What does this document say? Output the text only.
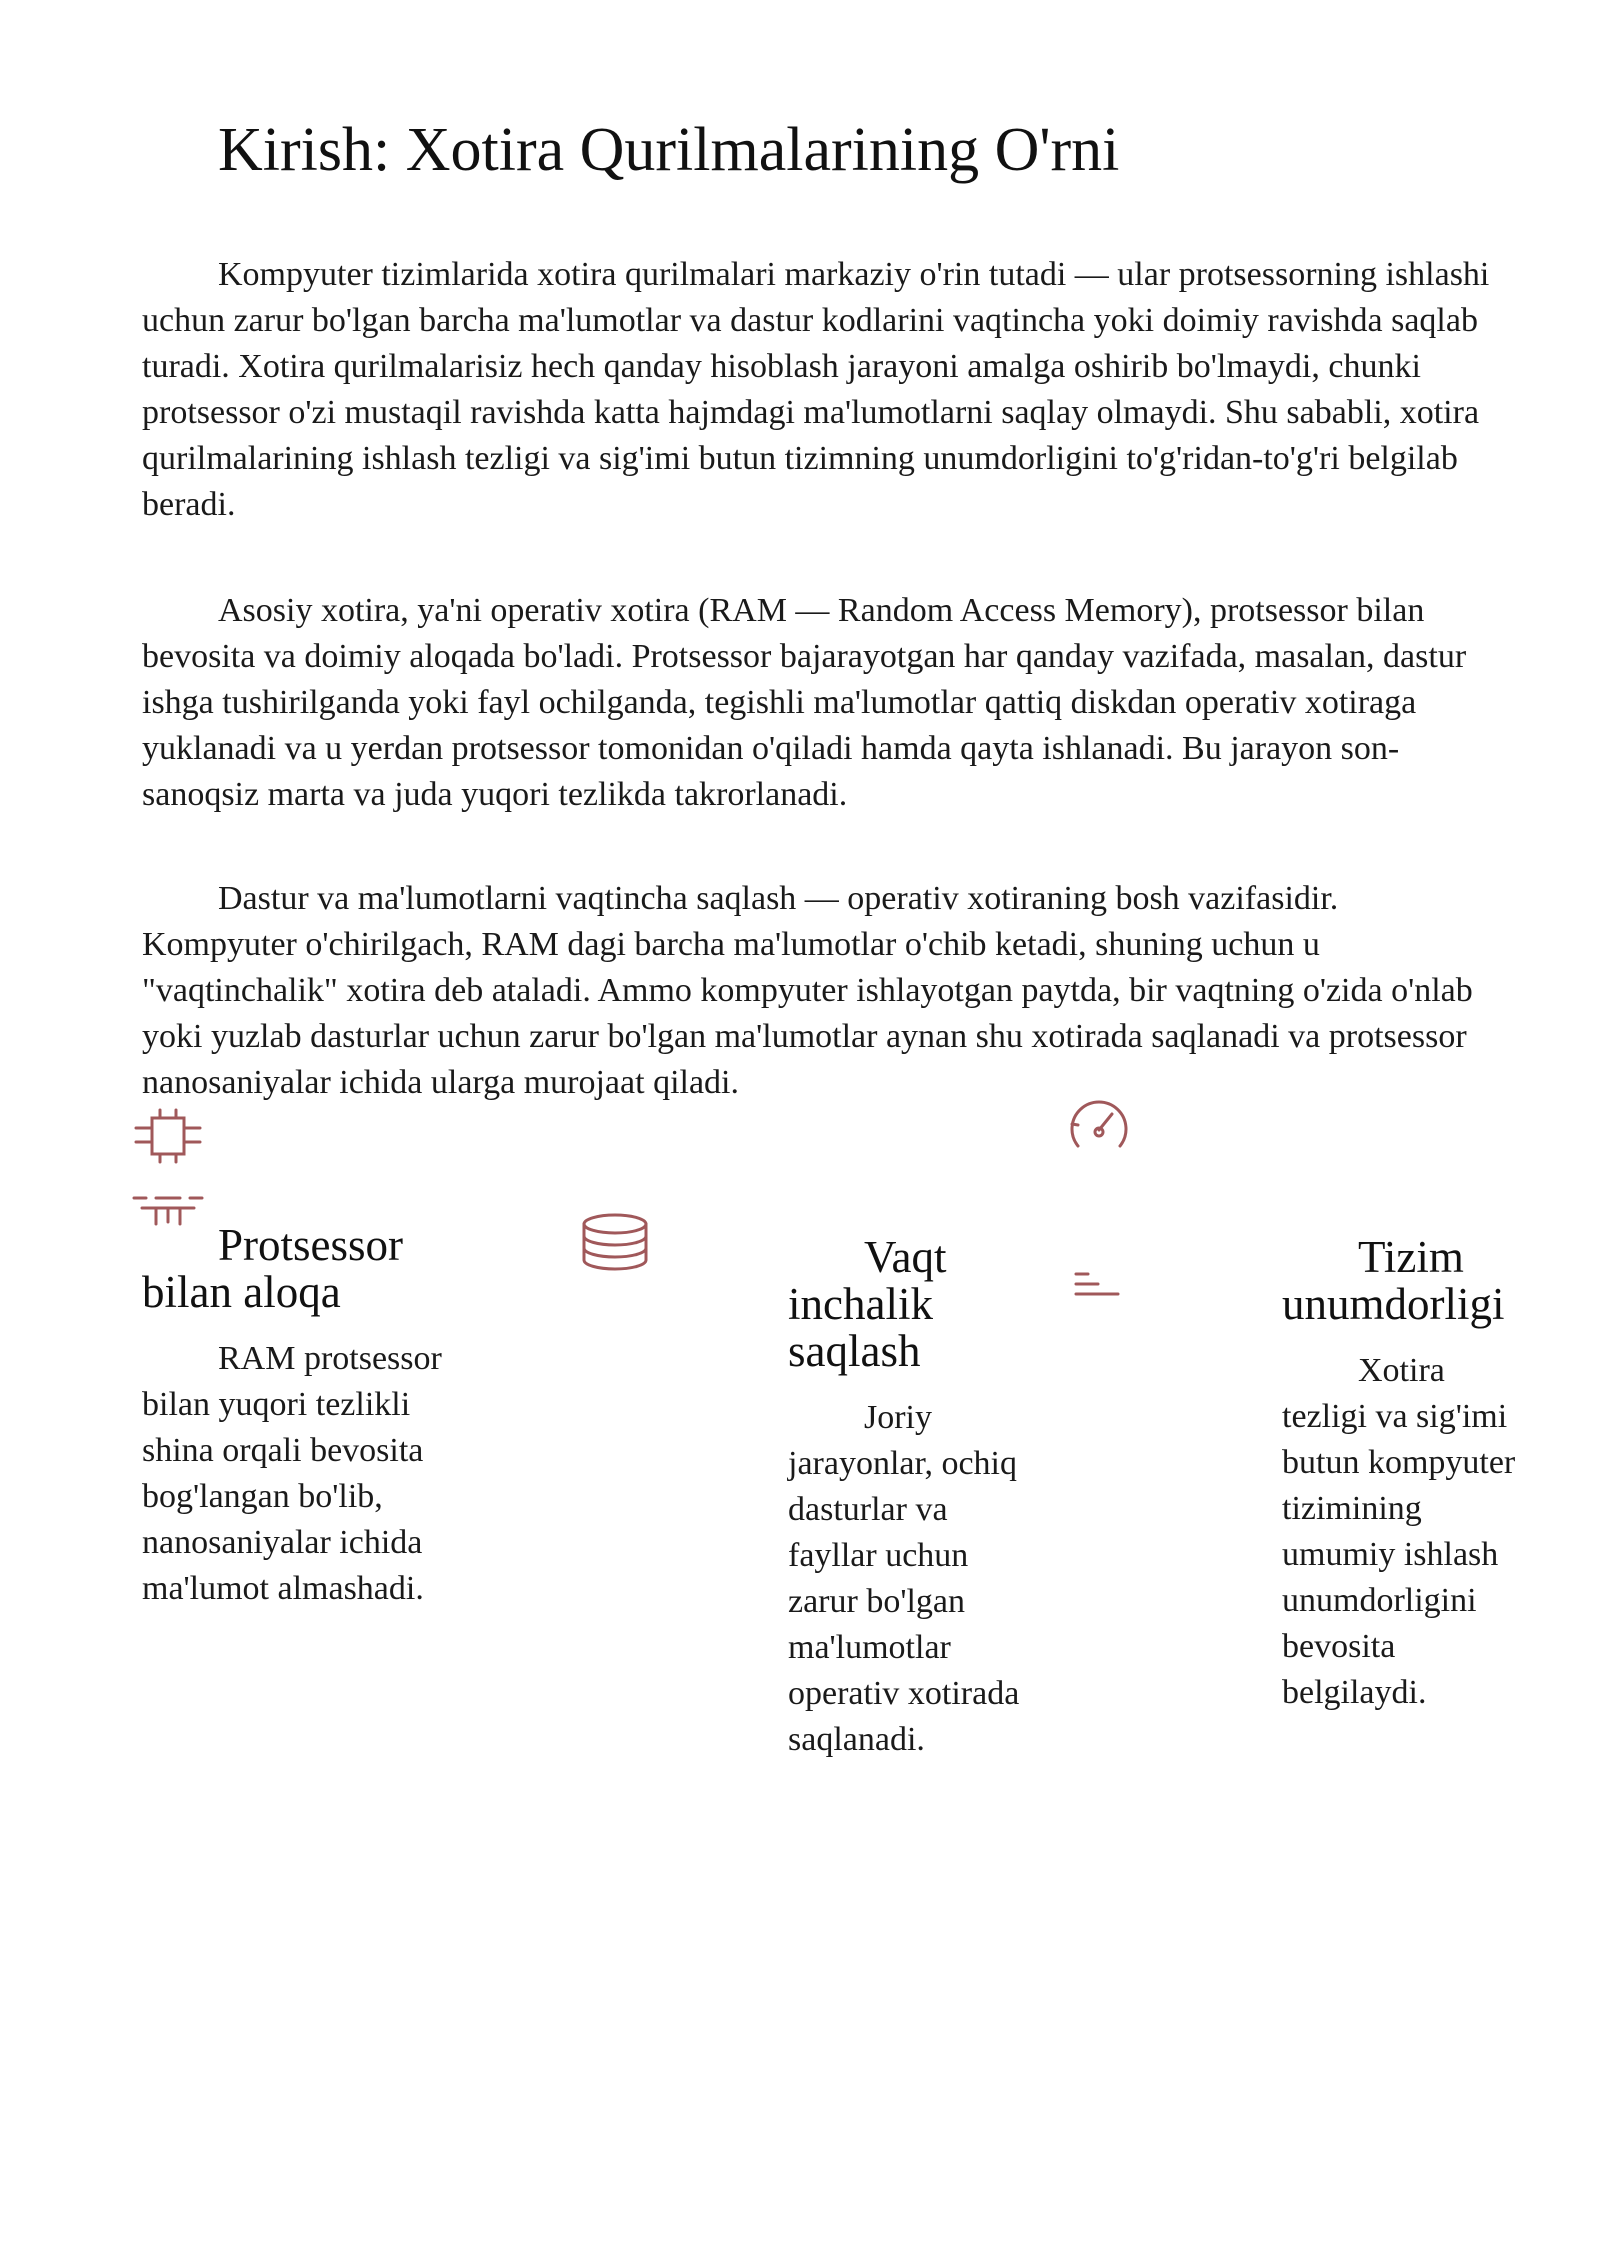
Kirish: Xotira Qurilmalarining O'rni

Kompyuter tizimlarida xotira qurilmalari markaziy o'rin tutadi — ular protsessorning ishlashi uchun zarur bo'lgan barcha ma'lumotlar va dastur kodlarini vaqtincha yoki doimiy ravishda saqlab turadi. Xotira qurilmalarisiz hech qanday hisoblash jarayoni amalga oshirib bo'lmaydi, chunki protsessor o'zi mustaqil ravishda katta hajmdagi ma'lumotlarni saqlay olmaydi. Shu sababli, xotira qurilmalarining ishlash tezligi va sig'imi butun tizimning unumdorligini to'g'ridan-to'g'ri belgilab beradi.

Asosiy xotira, ya'ni operativ xotira (RAM — Random Access Memory), protsessor bilan bevosita va doimiy aloqada bo'ladi. Protsessor bajarayotgan har qanday vazifada, masalan, dastur ishga tushirilganda yoki fayl ochilganda, tegishli ma'lumotlar qattiq diskdan operativ xotiraga yuklanadi va u yerdan protsessor tomonidan o'qiladi hamda qayta ishlanadi. Bu jarayon son-sanoqsiz marta va juda yuqori tezlikda takrorlanadi.

Dastur va ma'lumotlarni vaqtincha saqlash — operativ xotiraning bosh vazifasidir. Kompyuter o'chirilgach, RAM dagi barcha ma'lumotlar o'chib ketadi, shuning uchun u "vaqtinchalik" xotira deb ataladi. Ammo kompyuter ishlayotgan paytda, bir vaqtning o'zida o'nlab yoki yuzlab dasturlar uchun zarur bo'lgan ma'lumotlar aynan shu xotirada saqlanadi va protsessor nanosaniyalar ichida ularga murojaat qiladi.

Protsessor bilan aloqa

RAM protsessor bilan yuqori tezlikli shina orqali bevosita bog'langan bo'lib, nanosaniyalar ichida ma'lumot almashadi.

Vaqtinchalik saqlash

Joriy jarayonlar, ochiq dasturlar va fayllar uchun zarur bo'lgan ma'lumotlar operativ xotirada saqlanadi.

Tizim unumdorligi

Xotira tezligi va sig'imi butun kompyuter tizimining umumiy ishlash unumdorligini bevosita belgilaydi.
